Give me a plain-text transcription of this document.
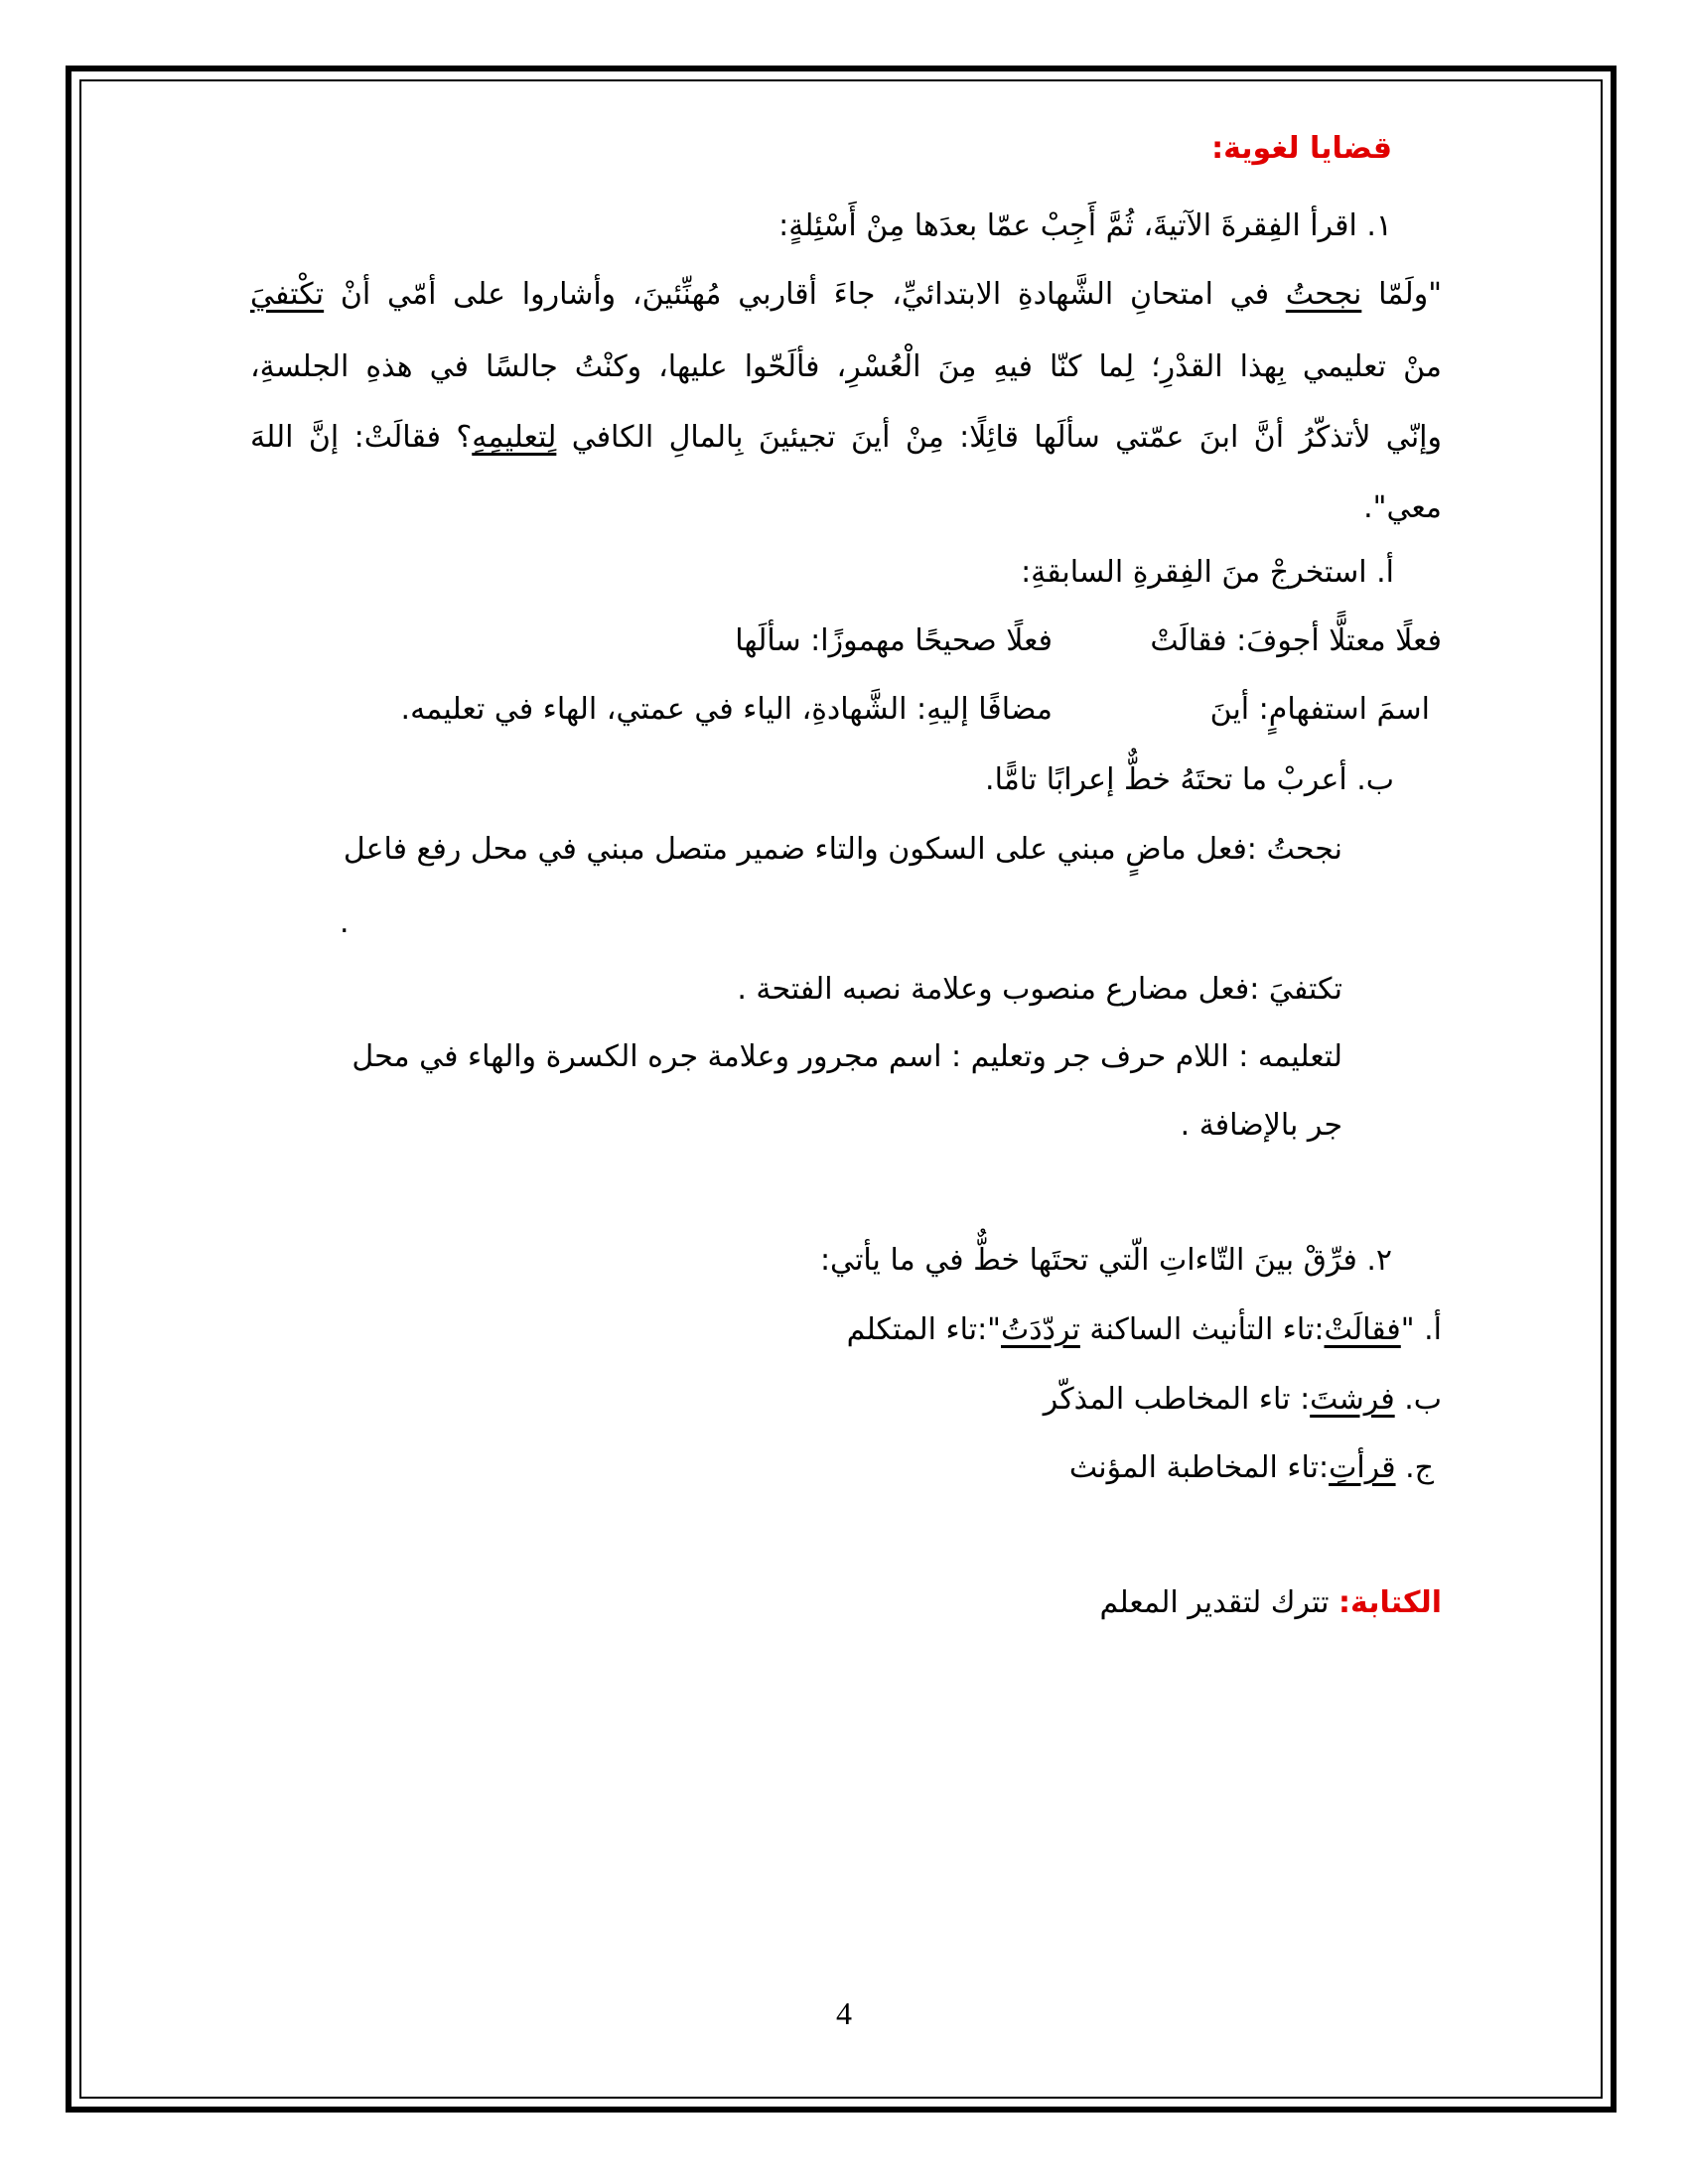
قضايا لغوية:
١. اقرأ الفِقرةَ الآتيةَ، ثُمَّ أَجِبْ عمّا بعدَها مِنْ أَسْئِلةٍ:
"ولَمّا نجحتُ في امتحانِ الشَّهادةِ الابتدائيِّ، جاءَ أقاربي مُهنِّئينَ، وأشاروا على أمّي أنْ تكْتفيَ
منْ تعليمي بِهذا القدْرِ؛ لِما كنّا فيهِ مِنَ الْعُسْرِ، فألَحّوا عليها، وكنْتُ جالسًا في هذهِ الجلسةِ،
وإنّي لأتذكّرُ أنَّ ابنَ عمّتي سألَها قائِلًا: مِنْ أينَ تجيئينَ بِالمالِ الكافي لِتعليمِهِ؟ فقالَتْ: إنَّ اللهَ
معي".
أ. استخرجْ منَ الفِقرةِ السابقةِ:
فعلًا معتلًّا أجوفَ: فقالَتْ
فعلًا صحيحًا مهموزًا: سألَها
اسمَ استفهامٍ: أينَ
مضافًا إليهِ: الشَّهادةِ، الياء في عمتي، الهاء في تعليمه.
ب. أعربْ ما تحتَهُ خطٌّ إعرابًا تامًّا.
نجحتُ :فعل ماضٍ مبني على السكون والتاء ضمير متصل مبني في محل رفع فاعل
.
تكتفيَ :فعل مضارع منصوب وعلامة نصبه الفتحة .
لتعليمه : اللام حرف جر وتعليم : اسم مجرور وعلامة جره الكسرة والهاء في محل
جر بالإضافة .
٢. فرِّقْ بينَ التّاءاتِ الّتي تحتَها خطٌّ في ما يأتي:
أ. "فقالَتْ:تاء التأنيث الساكنة تردّدَتُ":تاء المتكلم
ب. فرشتَ: تاء المخاطب المذكّر
ج. قرأتِ:تاء المخاطبة المؤنث
الكتابة: تترك لتقدير المعلم
4
